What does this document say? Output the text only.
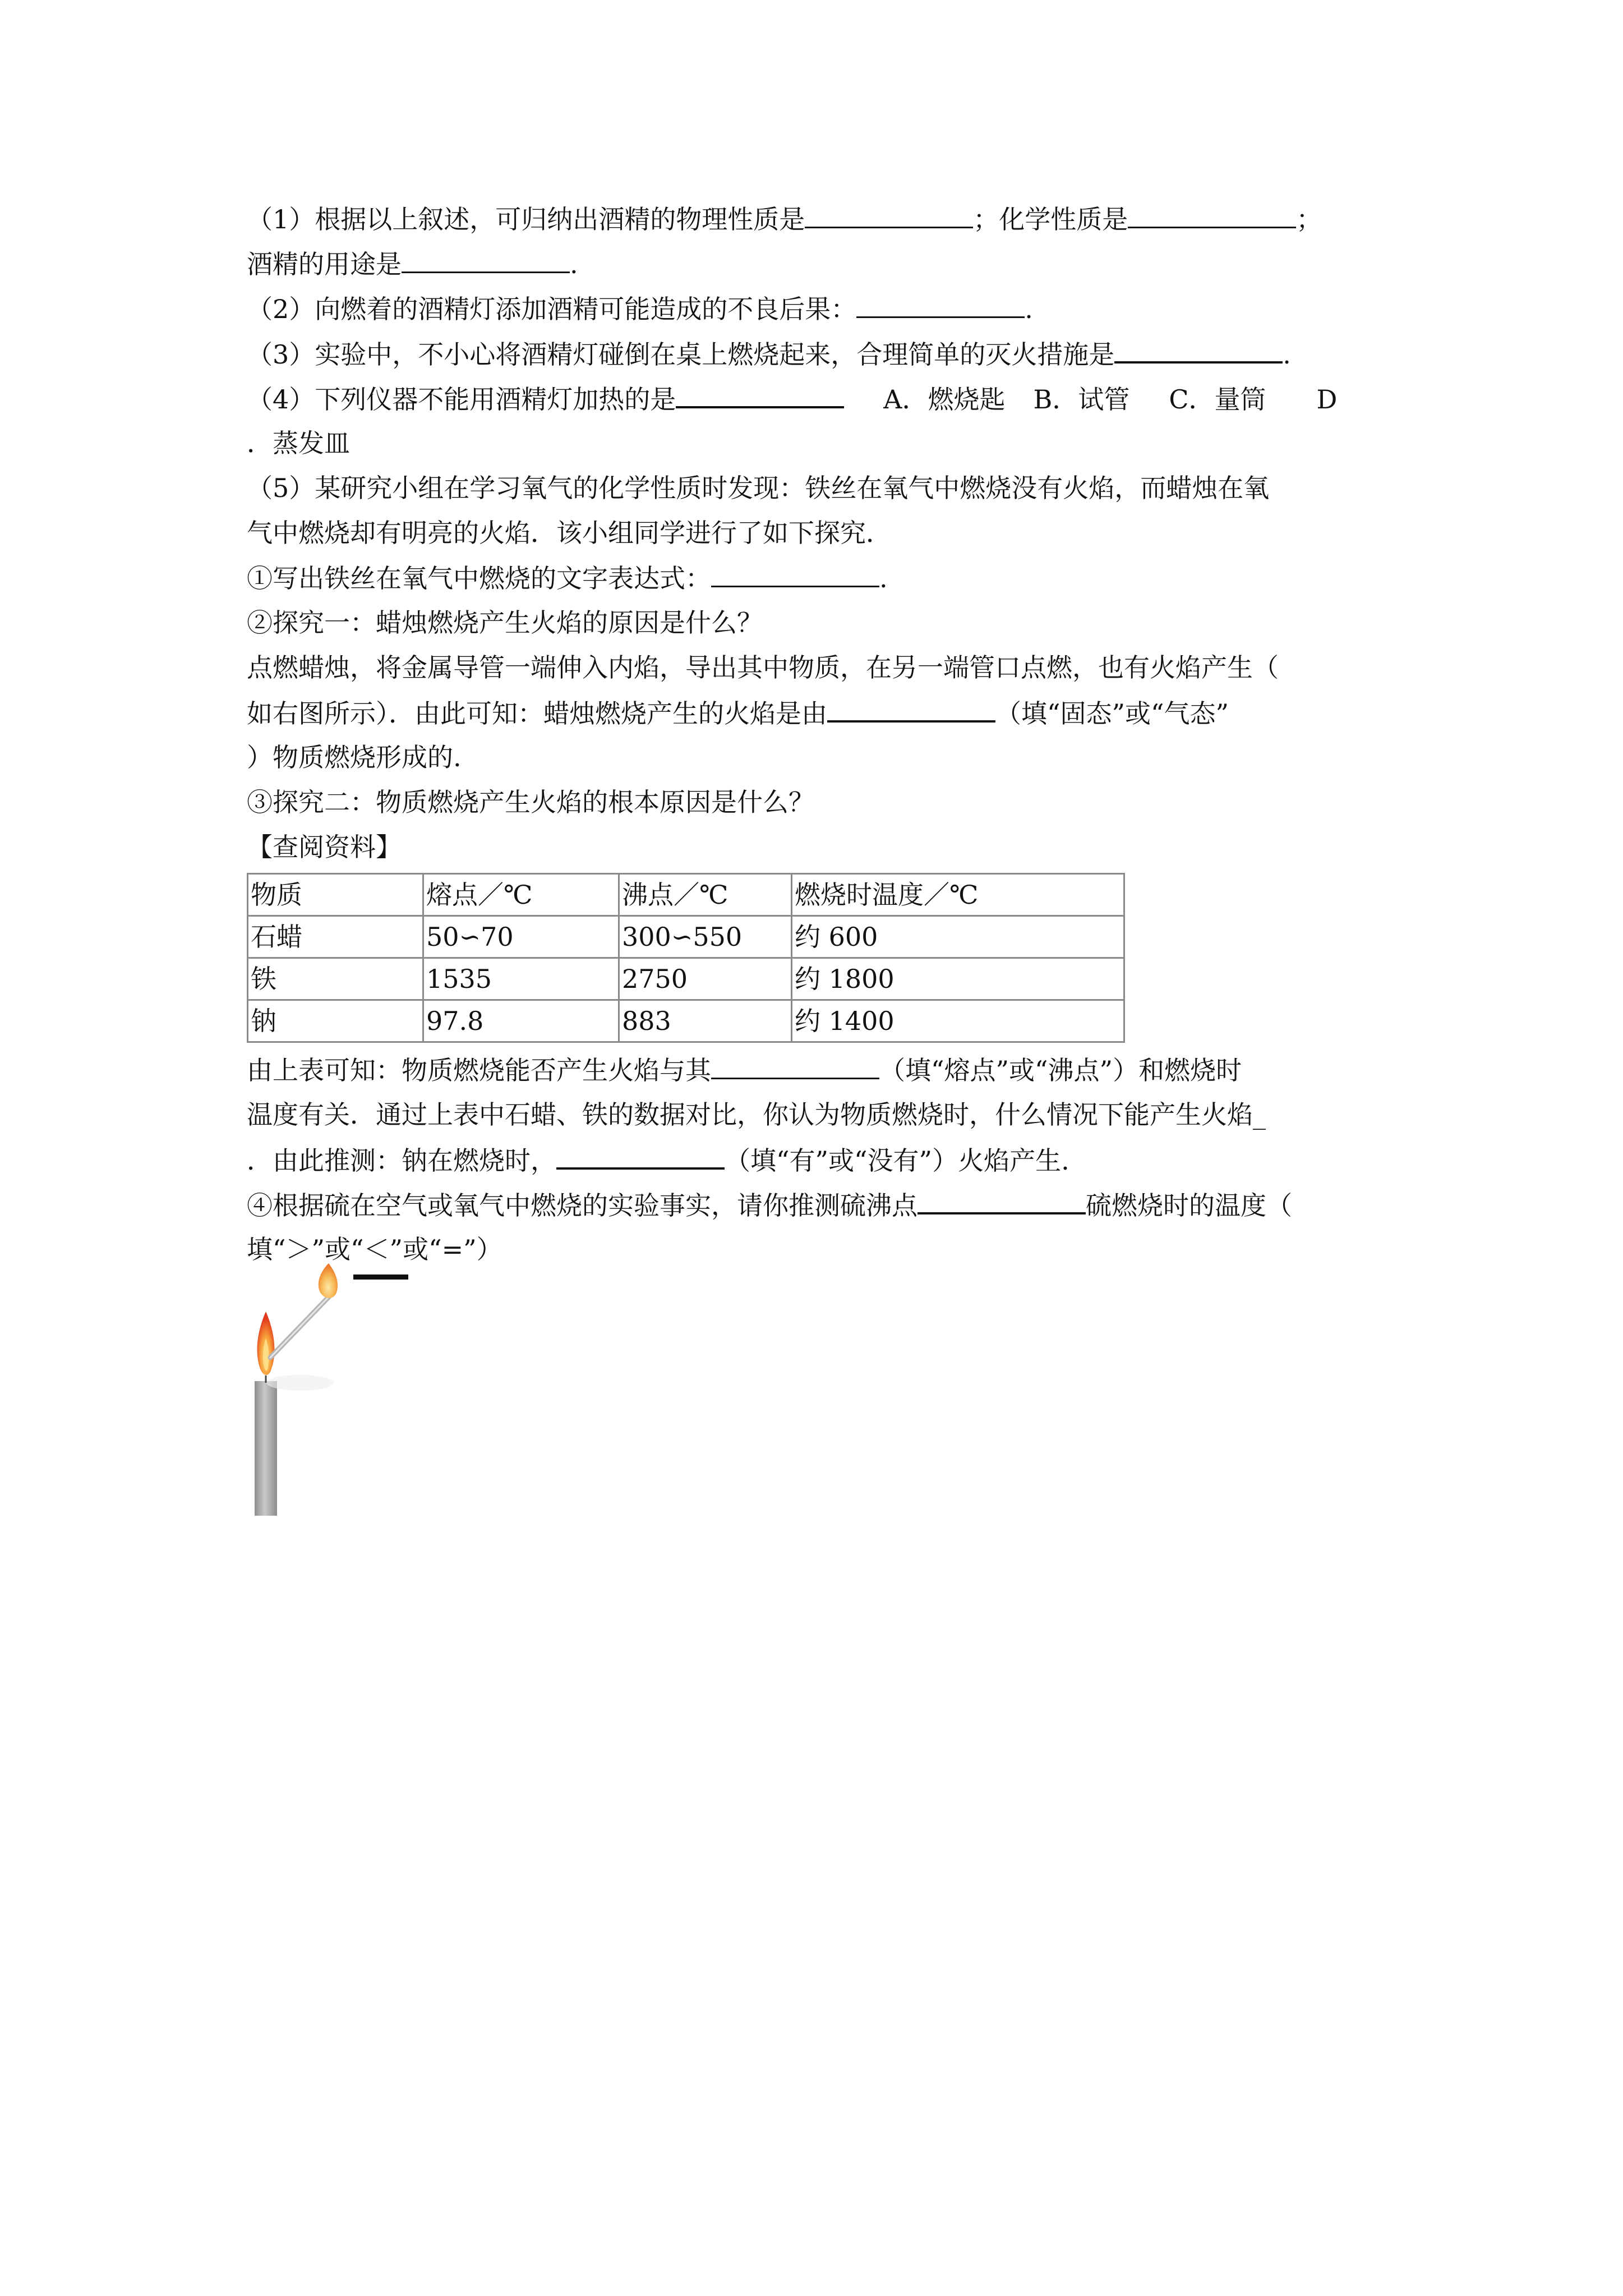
（1）根据以上叙述，可归纳出酒精的物理性质是	；化学性质是	；
酒精的用途是	.
（2）向燃着的酒精灯添加酒精可能造成的不良后果：	.
（3）实验中，不小心将酒精灯碰倒在桌上燃烧起来，合理简单的灭火措施是	.
（4）下列仪器不能用酒精灯加热的是	A．燃烧匙 B．试管 C．量筒 D
．蒸发皿
（5）某研究小组在学习氧气的化学性质时发现：铁丝在氧气中燃烧没有火焰，而蜡烛在氧
气中燃烧却有明亮的火焰．该小组同学进行了如下探究．
①写出铁丝在氧气中燃烧的文字表达式：	.
②探究一：蜡烛燃烧产生火焰的原因是什么？
点燃蜡烛，将金属导管一端伸入内焰，导出其中物质，在另一端管口点燃，也有火焰产生（
如右图所示）．由此可知：蜡烛燃烧产生的火焰是由	（填“固态”或“气态”
）物质燃烧形成的.
③探究二：物质燃烧产生火焰的根本原因是什么？
【查阅资料】
物质	熔点／℃	沸点／℃	燃烧时温度／℃
石蜡	50∽70	300∽550	约 600
铁	1535	2750	约 1800
钠	97.8	883	约 1400
由上表可知：物质燃烧能否产生火焰与其	（填“熔点”或“沸点”）和燃烧时
温度有关．通过上表中石蜡、铁的数据对比，你认为物质燃烧时，什么情况下能产生火焰_
．由此推测：钠在燃烧时，	（填“有”或“没有”）火焰产生.
④根据硫在空气或氧气中燃烧的实验事实，请你推测硫沸点	硫燃烧时的温度（
填“＞”或“＜”或“=”）
